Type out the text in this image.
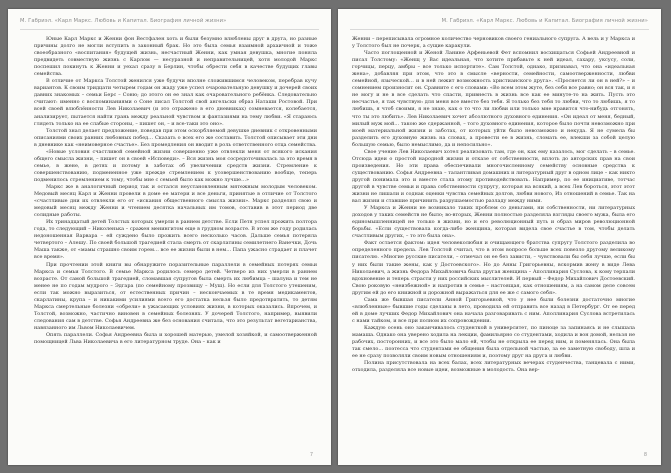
М. Габриэл. «Карл Маркс. Любовь и Капитал. Биография личной жизни»

Юные Карл Маркс и Женни фон Вестфален хоть и были безумно влюблены друг в друга, но разные причины долго не могли вступить в законный брак. Но это была семья взаимной архаичной и тоже своеобразного «воспитания» будущей жизнь, несчастный Женни, как умная девушка, многие поняла предвидеть совместную жизнь с Карлом — несуразной и неправительницей, хотя молодой Маркс поспешил покинуть к Женни и уехал сразу в Берлин, чтобы обрести себя в качестве будущих главы семейства.

В отличие от Маркса Толстой женился уже будучи вполне сложившимся человеком, перебрав кучу вариантов. К своим тридцати четырем годам он жаду уже успел очаровательную девушку и дочерей своих давних знакомых – семьи Берс – Соню; до этого он ее знал как очаровательного ребёнка. Следовательно считают: именно с воспоминаниями о Соне писал Толстой свой ангельски образ Наташи Ростовой. При всей своей влюблённости Лев Николаевич (и это отражено в его дневниках) сомневается, колебается, анализирует, пытается найти грань между реальной чувством и фантазиями на тему любви. «Я стараюсь глядеть только на ее слабые стороны, – пишет он, – и все-таки это оно».

Толстой знал делает предложение, поведав при этом оскорбляемой девушке дневник с откровенными описаниями своих ранних любовных побед… Сказать о всех его же составить. Толстой описывает эти дни в дневнике как «неимоверное счастье». Без промедления он вводит в роль ответственного отца семейства.

«Новые условия счастливой семейной жизни совершенно уже отвлекли меня от всякого искания общего смысла жизни, – пишет он в своей «Исповеди». – Вся жизнь моя сосредоточивалась за это время в семье, в жене, в детях и потому в заботах об увеличении средств жизни. Стремление к совершенствованию, подмененное уже прежде стремлением к усовершенствованию вообще, теперь подменилось стремлением к тому, чтобы мне с семьей было как можно лучше…»

Маркс же в аналогичный период так и остался неустановленным мятежным молодым человеком. Медовый месяц Карл и Женни провели в доме ее матери и все деньги, принятые в отличие от Толстого «счастливые дни их отвлекли его от «искания общественного смысла жизни». Маркс разделял свою и медовый месяц между Женни и чтением десятка начальных им томов, составив в этот период две солидные работы.

Их тринадцатый детей Толстых которых умерли в раннем детстве. Если Петя успел прожить полтора года, то следующий – Николенька – сражен менингитом еще в грудном возрасте. В этом же году родилась недоношенная Варвара – ей суждено было прожить всего несколько часов. Дальше семья потеряла четвертого – Алешу. По своей большой трагедией стала смерть от скарлатины семилетнего Ванечки, Дочь Маша также, от «мамы страшно своим горем… все ее жизни были в нем… Папа ужасно страдает и плачет все время».

При прочтении этой книги вы обнаружите поразительные параллели в семейных потерях семьи Маркса и семьи Толстого. В семье Маркса родилось семеро детей. Четверо из них умерли в раннем возрасте. От самой большой трагедией, сломавшая супругов была смерть их любимца – шалуна и тем не менее не по годам мудрого – Эдгара (по семейному прозвищу – Муш). Но если для Толстого утешеним, если так можно выразиться, от естественных причин – нескончаемых в те время медикаментов, скарлатины, крупа – и никакими усилиями всего его достатка нельзя было предотвратить, то детям Маркса смертельные болезни «обрели» в ужасающих условиях жизни, в которых оказались. Впрочем, и Толстой, возможно, частично виновен в семейных болезнях. У дочерей Толстого, например, выявили следования сам в детстве. Софья Андреевна же без основания считала, что это результат вегетарианства, навязанного им Львом Николаевичем.

Опять параллели. Софья Андреевна была и хорошей матерью, умелой хозяйкой, и самоотверженной помощницей Льва Николаевича в его литературном труде. Она – как и

7
М. Габриэл. «Карл Маркс. Любовь и Капитал. Биография личной жизни»

Женни – переписывала огромное количество черновиков своего гениального супруга. А вель и у Маркса и у Толстого был не почерк, а сущие каракули.

Часто поглощенной и Женой Ланине Арфеньевой Фет вспомнил восхищаться Софьей Андреевной и писал Толстому: «Женщ у Вас идеальная, что хотите прибавьте к ней идеал, сахару, уксусу, соли, горчицы, перцу, амбры – все только испортите». Сам Толстой, однако, признавал, что она «идеальная жена», добавляя при этом, что это в смысле «верности, семейности, самоотверженности, любви семейной, языческой… и в ней лежит возможность христианского друга». «Проснется ли он в ней?» – и сомнением произносит он. Сравните с его словами: «Во всем этом жуте, без себя все равно; он вся так, и я не могу и не в все сделать что спасти, привнесть в жизнь все как ее минуте-то на жить. Пусть это несчастье, я так чувствую: для меня все вместе без тебя. Я только без тебя то любви, что то любишь, я то любишь, я чтоб своими, я не знаю, как о то что ли любви или только мне нравится что-нибудь отгонять, что ты это любить». Лев Николаевич хочет абсолютного духовного единения. «Он идеал от меня, бедный, милый муж мой… такою же сдержанной, – того духовного единения, которое было почти невозможно при моей материальной жизни и заботах, от которых уйти было невозможно и некуда. Я не сумела бы разделить его духовную жизнь на словах, а провести ее в жизнь, сломать ее, влекши за собой целую большую семью, было немыслимо, да и непосильно».

Свое учение Лев Николаевич хотел реализовать там, где он, как ему казалось, мог сделать – в семье. Отсюда идеи о простой народной жизни и отказе от собственности, вплоть до авторских прав на свои произведения. Но эти права обеспечивали многочисленному семейству основные средства к существованию. Софья Андреевна – талантливая домашних и литературный друг в одном лице – как никто другой понимала это и вместе стала этому противодействовать. Например, по ее инициативе, тотчас другой в чувстве семьи и права собственности супругу, которая на всякий, а всех Лев бороться, этот этот жизни не лишали и соднак оценки чувства семейных долгов, любви нового, Из отношений в семье. Так на вал жизни и ставшие причинить разрушаемостью разладу между ними.

У Маркса и Женни не возникало таких проблем со деньгами, ни собственности, ни литературных доходов у таких семейств не было; во-вторых, Женни полностью разделяла взгляды своего мужа, была его единомышленницей не только в жизни, но и его революционный путь и образ миров революционной борьбы. «Если существовала когда-либо женщина, которая видела свое счастье в том, чтобы делать счастливым других, – то это была она».

Факт остается фактом: идея человеколюбия и очищающего братства супругу Толстого разделила во определенного предела. Лев Толстой считал, что в этом вопросе больше всех повезло другому великому писателю. «Многие русские писатели, – отмечал он ее без зависти, – чувствовали бы себя лучше, если бы у них были такие жены, как у Достоевского». Но до Анны Григорьевны, вскормив жену в виде Лева Николаевич, а жизнь Федора Михайловича была другая женщина – Аполлинария Суслова, к кому терпали вдохновение и теперь страсти у них российских мыслителей. И первый – Федор Михайлович Достоевский. Свою роковую «неизбежной» и напротив в семье – настоящая, как отношениям, а на самом деле совсем другим ей до его книжной и дорожной выражаться для ее же с самого себя».

Сама же бывшая писатели Анной Григорьевной, что у нее были болезни достаточно многие «влюбленные» бывшие годы сделаны в лето, проводила ей отправить все назад в Петербург. От ее перед ей в доме лучших Федор Михайлович она начала разговаривать с ним. Аполлинария Суслова встретилась с нами тайком, и все при полном их сопровождении.

Каждую осень оно заканчивалось студенткой в университет, по пиноце за запинаясь и не слышала мамаша. Однако она уверено ходила на лекции, фамильярно со студентами, ходила и вон домой, нельзя не рабочих, посторонних, и все это было мало ей, чтобы не открыла ее перед ним, и поменялась. Она была так смело… поэтесса что студентами ее общения была отдельной частью, за ее заметную свободу, шла и ее не сразу позволяли своим новым отношениям и, поэтому друг на друга и любви.

Полина присутствовала на всех балах, всех литературных вечерах студенчества, танцевала с ними, отходила, разделяла все новые идеи, возможные в молодость. Она вер-

8
